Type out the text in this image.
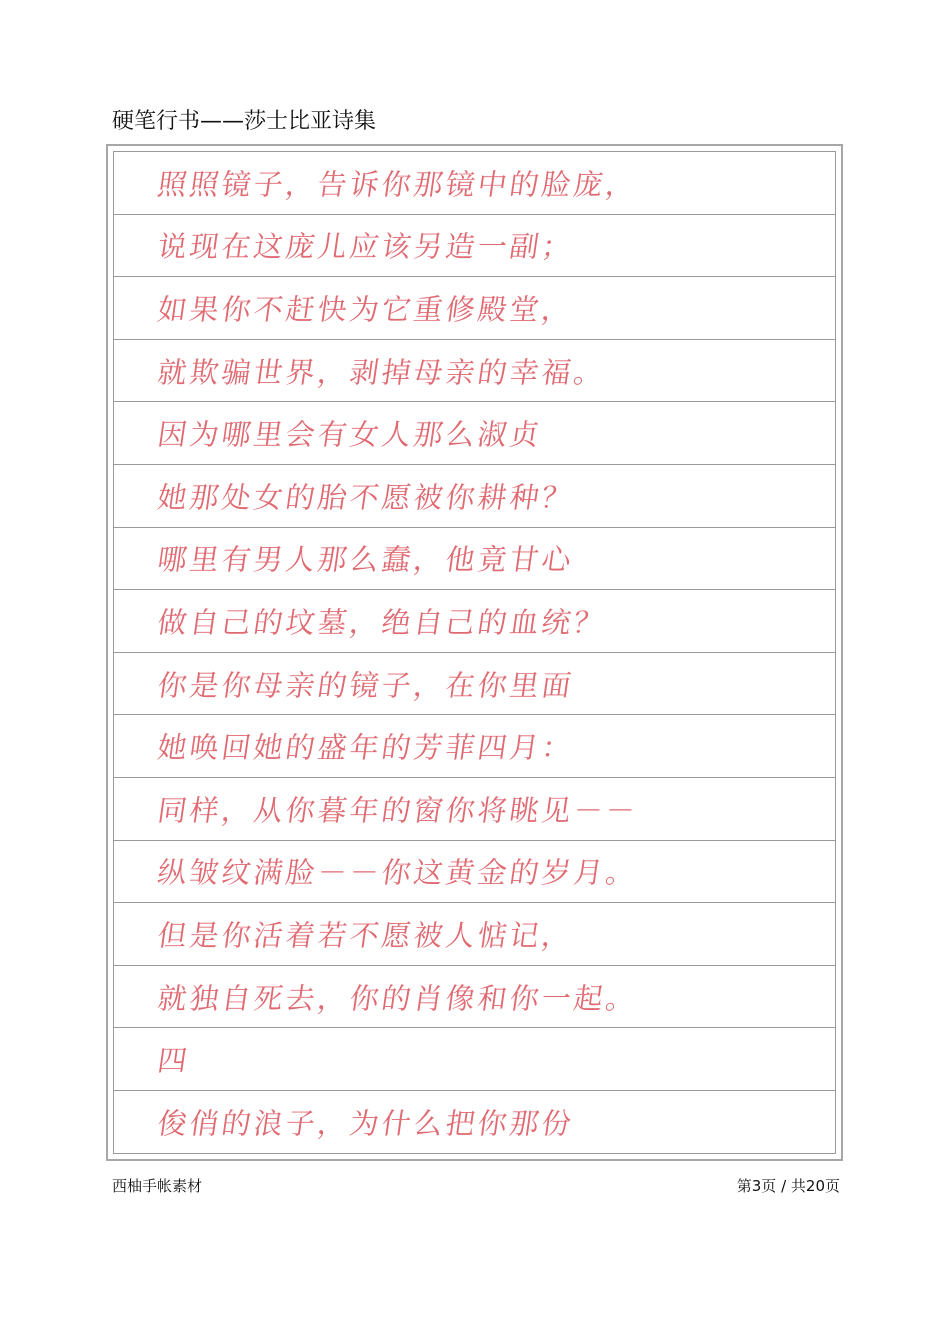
硬笔行书——莎士比亚诗集
照照镜子，告诉你那镜中的脸庞，
说现在这庞儿应该另造一副；
如果你不赶快为它重修殿堂，
就欺骗世界，剥掉母亲的幸福。
因为哪里会有女人那么淑贞
她那处女的胎不愿被你耕种？
哪里有男人那么蠢，他竟甘心
做自己的坟墓，绝自己的血统？
你是你母亲的镜子，在你里面
她唤回她的盛年的芳菲四月：
同样，从你暮年的窗你将眺见－－
纵皱纹满脸－－你这黄金的岁月。
但是你活着若不愿被人惦记，
就独自死去，你的肖像和你一起。
四
俊俏的浪子，为什么把你那份
西柚手帐素材	第3页 / 共20页
